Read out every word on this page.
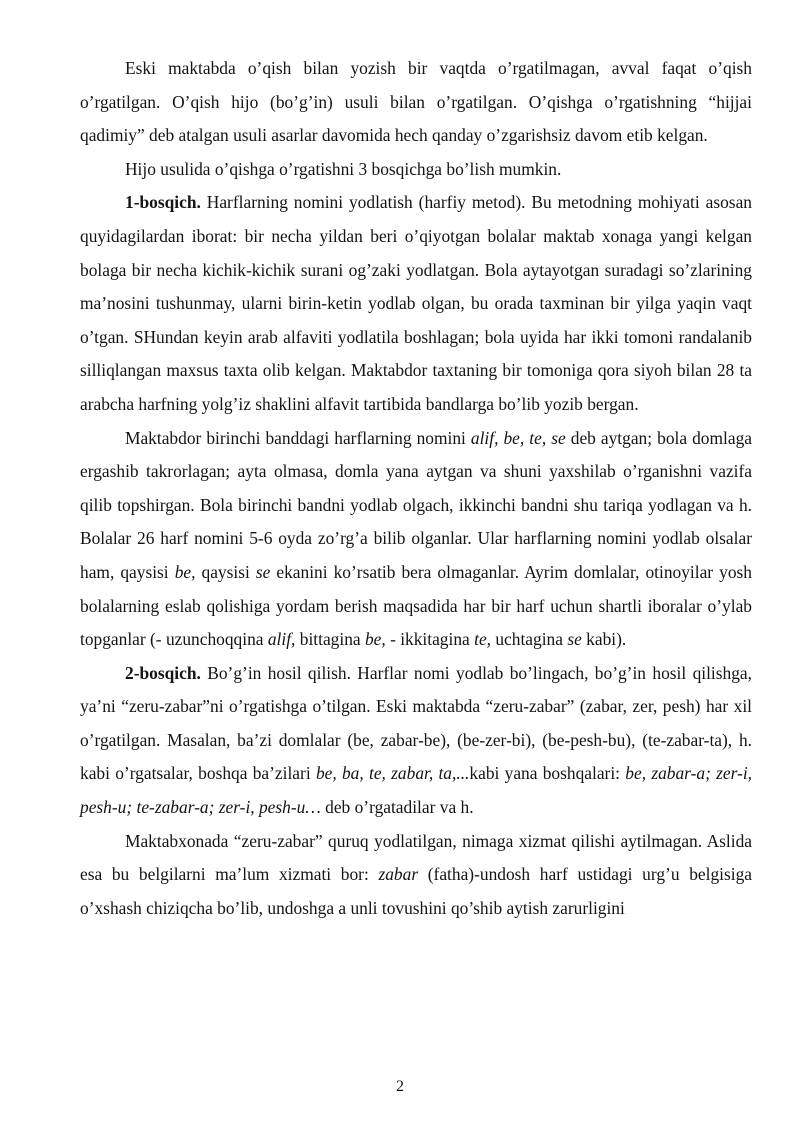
Eski maktabda o’qish bilan yozish bir vaqtda o’rgatilmagan, avval faqat o’qish o’rgatilgan. O’qish hijo (bo’g’in) usuli bilan o’rgatilgan. O’qishga o’rgatishning “hijjai qadimiy” deb atalgan usuli asarlar davomida hech qanday o’zgarishsiz davom etib kelgan.

Hijo usulida o’qishga o’rgatishni 3 bosqichga bo’lish mumkin.

1-bosqich. Harflarning nomini yodlatish (harfiy metod). Bu metodning mohiyati asosan quyidagilardan iborat: bir necha yildan beri o’qiyotgan bolalar maktab xonaga yangi kelgan bolaga bir necha kichik-kichik surani og’zaki yodlatgan. Bola aytayotgan suradagi so’zlarining ma’nosini tushunmay, ularni birin-ketin yodlab olgan, bu orada taxminan bir yilga yaqin vaqt o’tgan. SHundan keyin arab alfaviti yodlatila boshlagan; bola uyida har ikki tomoni randalanib silliqlangan maxsus taxta olib kelgan. Maktabdor taxtaning bir tomoniga qora siyoh bilan 28 ta arabcha harfning yolg’iz shaklini alfavit tartibida bandlarga bo’lib yozib bergan.

Maktabdor birinchi banddagi harflarning nomini alif, be, te, se deb aytgan; bola domlaga ergashib takrorlagan; ayta olmasa, domla yana aytgan va shuni yaxshilab o’rganishni vazifa qilib topshirgan. Bola birinchi bandni yodlab olgach, ikkinchi bandni shu tariqa yodlagan va h. Bolalar 26 harf nomini 5-6 oyda zo’rg’a bilib olganlar. Ular harflarning nomini yodlab olsalar ham, qaysisi be, qaysisi se ekanini ko’rsatib bera olmaganlar. Ayrim domlalar, otinoyilar yosh bolalarning eslab qolishiga yordam berish maqsadida har bir harf uchun shartli iboralar o’ylab topganlar (- uzunchoqqina alif, bittagina be, - ikkitagina te, uchtagina se kabi).

2-bosqich. Bo’g’in hosil qilish. Harflar nomi yodlab bo’lingach, bo’g’in hosil qilishga, ya’ni “zeru-zabar”ni o’rgatishga o’tilgan. Eski maktabda “zeru-zabar” (zabar, zer, pesh) har xil o’rgatilgan. Masalan, ba’zi domlalar (be, zabar-be), (be-zer-bi), (be-pesh-bu), (te-zabar-ta), h. kabi o’rgatsalar, boshqa ba’zilari be, ba, te, zabar, ta,...kabi yana boshqalari: be, zabar-a; zer-i, pesh-u; te-zabar-a; zer-i, pesh-u… deb o’rgatadilar va h.

Maktabxonada “zeru-zabar” quruq yodlatilgan, nimaga xizmat qilishi aytilmagan. Aslida esa bu belgilarni ma’lum xizmati bor: zabar (fatha)-undosh harf ustidagi urg’u belgisiga o’xshash chiziqcha bo’lib, undoshga a unli tovushini qo’shib aytish zarurligini

2
